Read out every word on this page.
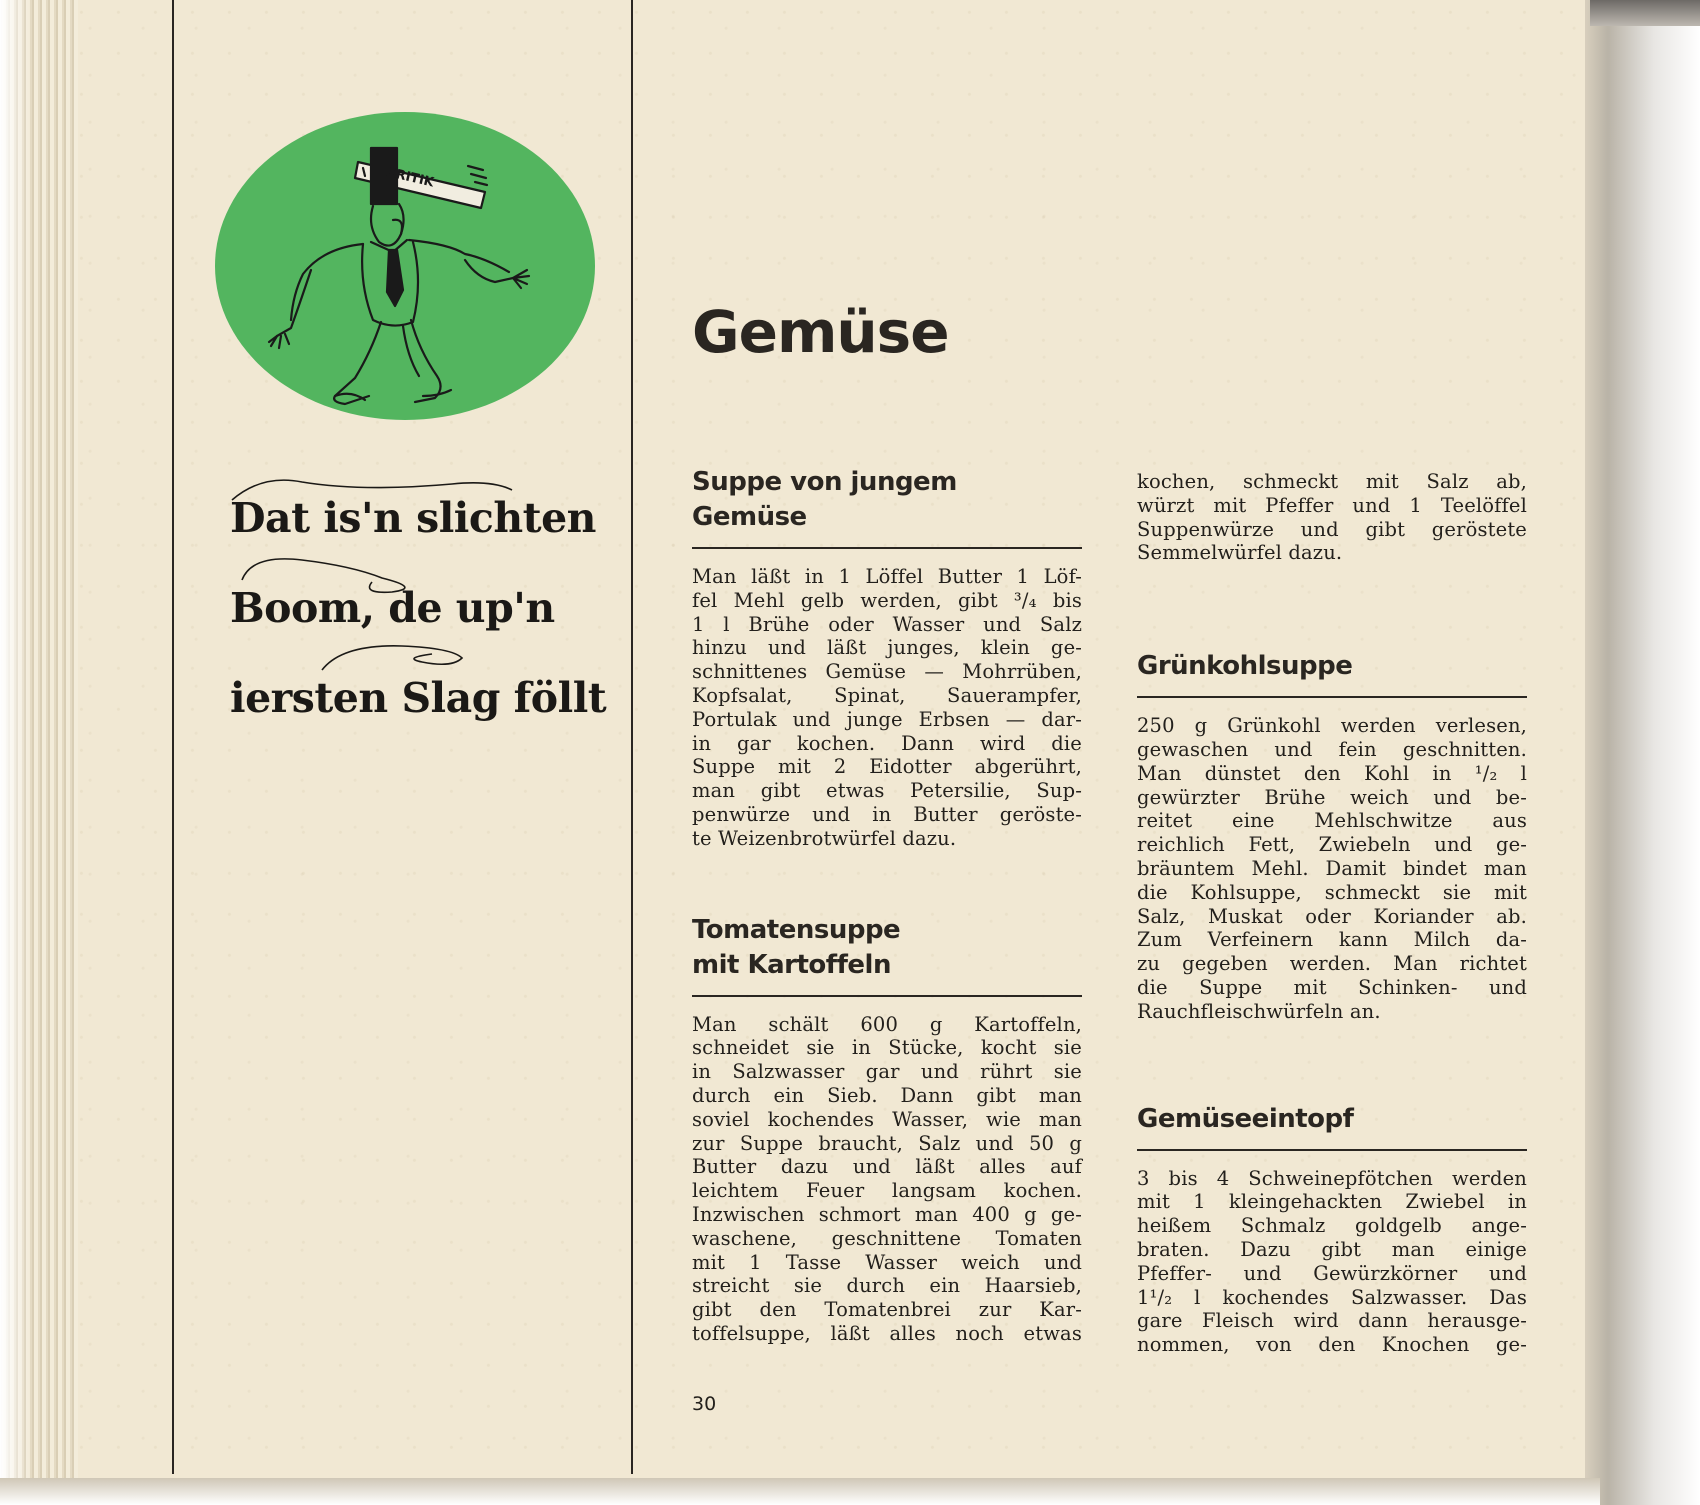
KRITIK
Dat is'n slichten
Boom, de up'n
iersten Slag föllt
Gemüse
Suppe von jungem
Gemüse

Man läßt in 1 Löffel Butter 1 Löf-
fel Mehl gelb werden, gibt ³/₄ bis
1 l Brühe oder Wasser und Salz
hinzu und läßt junges, klein ge-
schnittenes Gemüse — Mohrrüben,
Kopfsalat, Spinat, Sauerampfer,
Portulak und junge Erbsen — dar-
in gar kochen. Dann wird die
Suppe mit 2 Eidotter abgerührt,
man gibt etwas Petersilie, Sup-
penwürze und in Butter geröste-
te Weizenbrotwürfel dazu.

Tomatensuppe
mit Kartoffeln

Man schält 600 g Kartoffeln,
schneidet sie in Stücke, kocht sie
in Salzwasser gar und rührt sie
durch ein Sieb. Dann gibt man
soviel kochendes Wasser, wie man
zur Suppe braucht, Salz und 50 g
Butter dazu und läßt alles auf
leichtem Feuer langsam kochen.
Inzwischen schmort man 400 g ge-
waschene, geschnittene Tomaten
mit 1 Tasse Wasser weich und
streicht sie durch ein Haarsieb,
gibt den Tomatenbrei zur Kar-
toffelsuppe, läßt alles noch etwas

kochen, schmeckt mit Salz ab,
würzt mit Pfeffer und 1 Teelöffel
Suppenwürze und gibt geröstete
Semmelwürfel dazu.

Grünkohlsuppe

250 g Grünkohl werden verlesen,
gewaschen und fein geschnitten.
Man dünstet den Kohl in ¹/₂ l
gewürzter Brühe weich und be-
reitet eine Mehlschwitze aus
reichlich Fett, Zwiebeln und ge-
bräuntem Mehl. Damit bindet man
die Kohlsuppe, schmeckt sie mit
Salz, Muskat oder Koriander ab.
Zum Verfeinern kann Milch da-
zu gegeben werden. Man richtet
die Suppe mit Schinken- und
Rauchfleischwürfeln an.

Gemüseeintopf

3 bis 4 Schweinepfötchen werden
mit 1 kleingehackten Zwiebel in
heißem Schmalz goldgelb ange-
braten. Dazu gibt man einige
Pfeffer- und Gewürzkörner und
1¹/₂ l kochendes Salzwasser. Das
gare Fleisch wird dann herausge-
nommen, von den Knochen ge-

30
